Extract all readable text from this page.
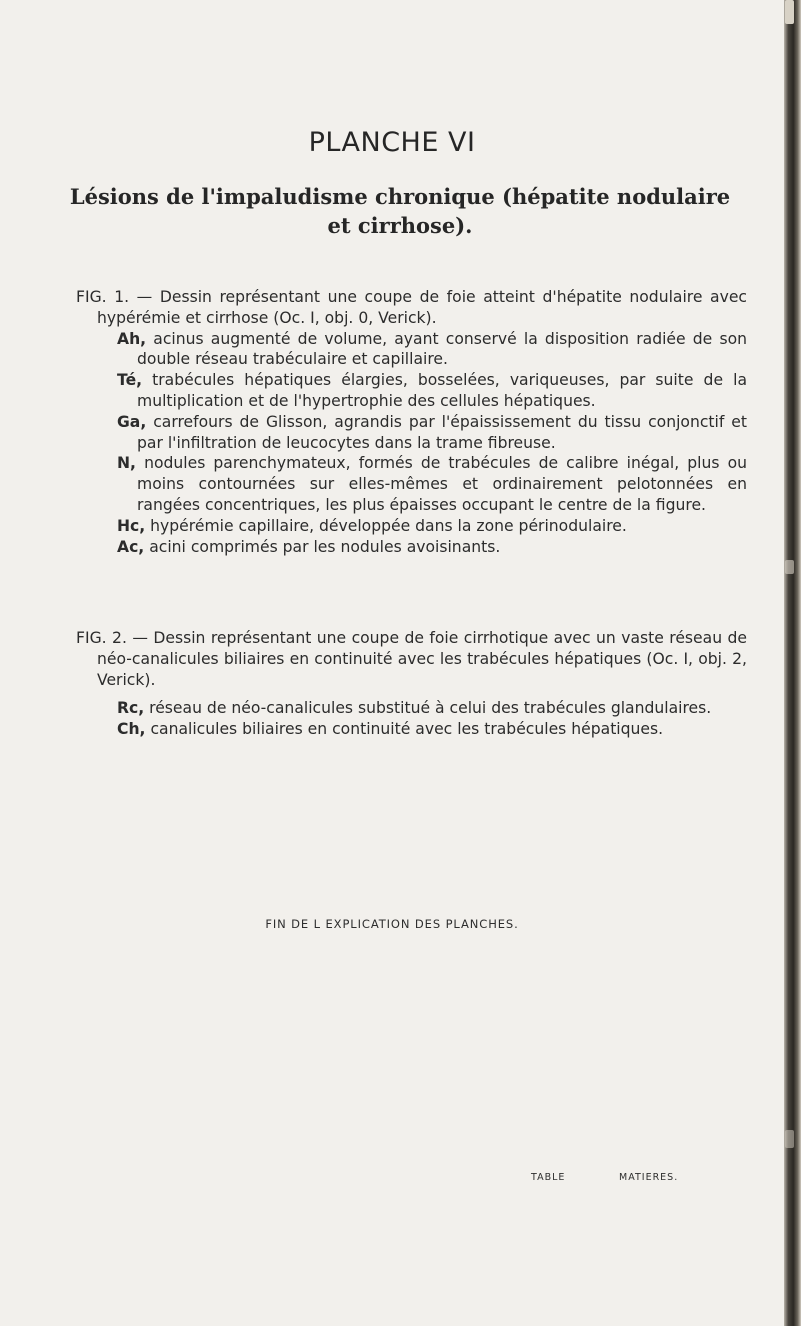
PLANCHE VI
Lésions de l'impaludisme chronique (hépatite nodulaire
et cirrhose).

FIG. 1. — Dessin représentant une coupe de foie atteint d'hépatite nodulaire avec hypérémie et cirrhose (Oc. I, obj. 0, Verick).

Ah, acinus augmenté de volume, ayant conservé la disposition radiée de son double réseau trabéculaire et capillaire.

Té, trabécules hépatiques élargies, bosselées, variqueuses, par suite de la multiplication et de l'hypertrophie des cellules hépatiques.

Ga, carrefours de Glisson, agrandis par l'épaississement du tissu conjonctif et par l'infiltration de leucocytes dans la trame fibreuse.

N, nodules parenchymateux, formés de trabécules de calibre inégal, plus ou moins contournées sur elles-mêmes et ordinairement pelotonnées en rangées concentriques, les plus épaisses occupant le centre de la figure.

Hc, hypérémie capillaire, développée dans la zone périnodulaire.

Ac, acini comprimés par les nodules avoisinants.

FIG. 2. — Dessin représentant une coupe de foie cirrhotique avec un vaste réseau de néo-canalicules biliaires en continuité avec les trabécules hépatiques (Oc. I, obj. 2, Verick).

Rc, réseau de néo-canalicules substitué à celui des trabécules glandulaires.

Ch, canalicules biliaires en continuité avec les trabécules hépatiques.

FIN DE L EXPLICATION DES PLANCHES.

TABLE	MATIERES.
